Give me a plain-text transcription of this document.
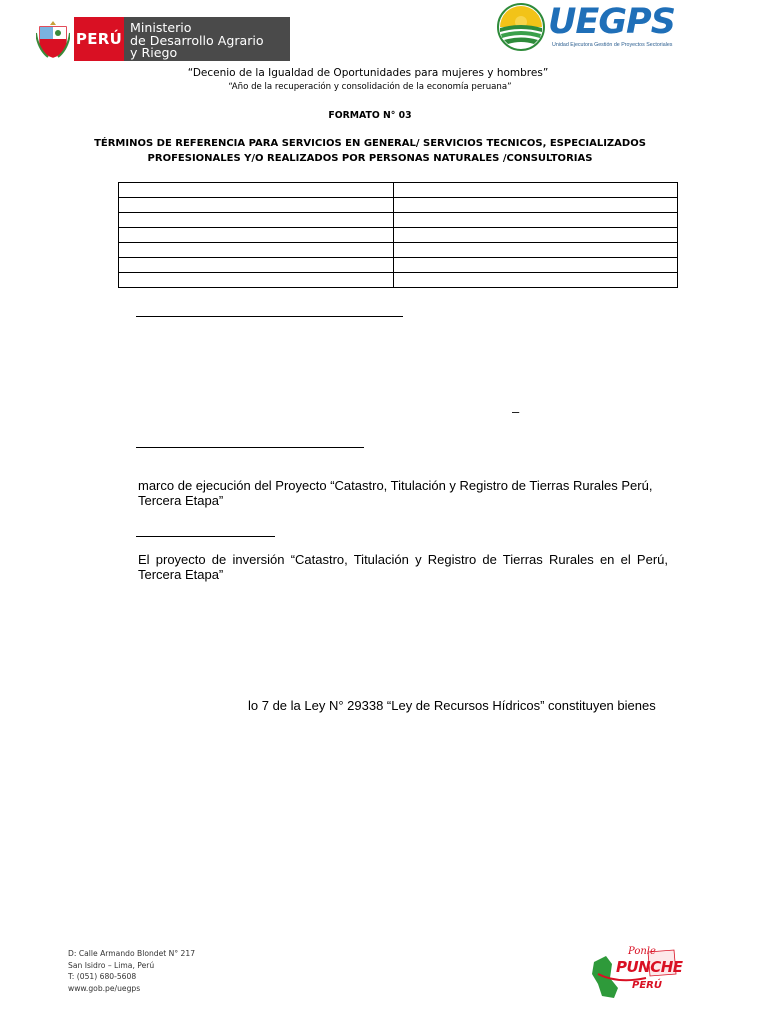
PERÚ
Ministerio
de Desarrollo Agrario
y Riego
UEGPS
Unidad Ejecutora Gestión de Proyectos Sectoriales
“Decenio de la Igualdad de Oportunidades para mujeres y hombres”
“Año de la recuperación y consolidación de la economía peruana”
FORMATO N° 03
TÉRMINOS DE REFERENCIA PARA SERVICIOS EN GENERAL/ SERVICIOS TECNICOS, ESPECIALIZADOS
PROFESIONALES Y/O REALIZADOS POR PERSONAS NATURALES /CONSULTORIAS

–
marco de ejecución del Proyecto “Catastro, Titulación y Registro de Tierras Rurales Perú, Tercera Etapa”
El proyecto de inversión “Catastro, Titulación y Registro de Tierras Rurales en el Perú, Tercera Etapa”
lo 7 de la Ley N° 29338 “Ley de Recursos Hídricos” constituyen bienes
D: Calle Armando Blondet N° 217
San Isidro – Lima, Perú
T: (051) 680-5608
www.gob.pe/uegps
Ponle
PUNCHE
PERÚ
